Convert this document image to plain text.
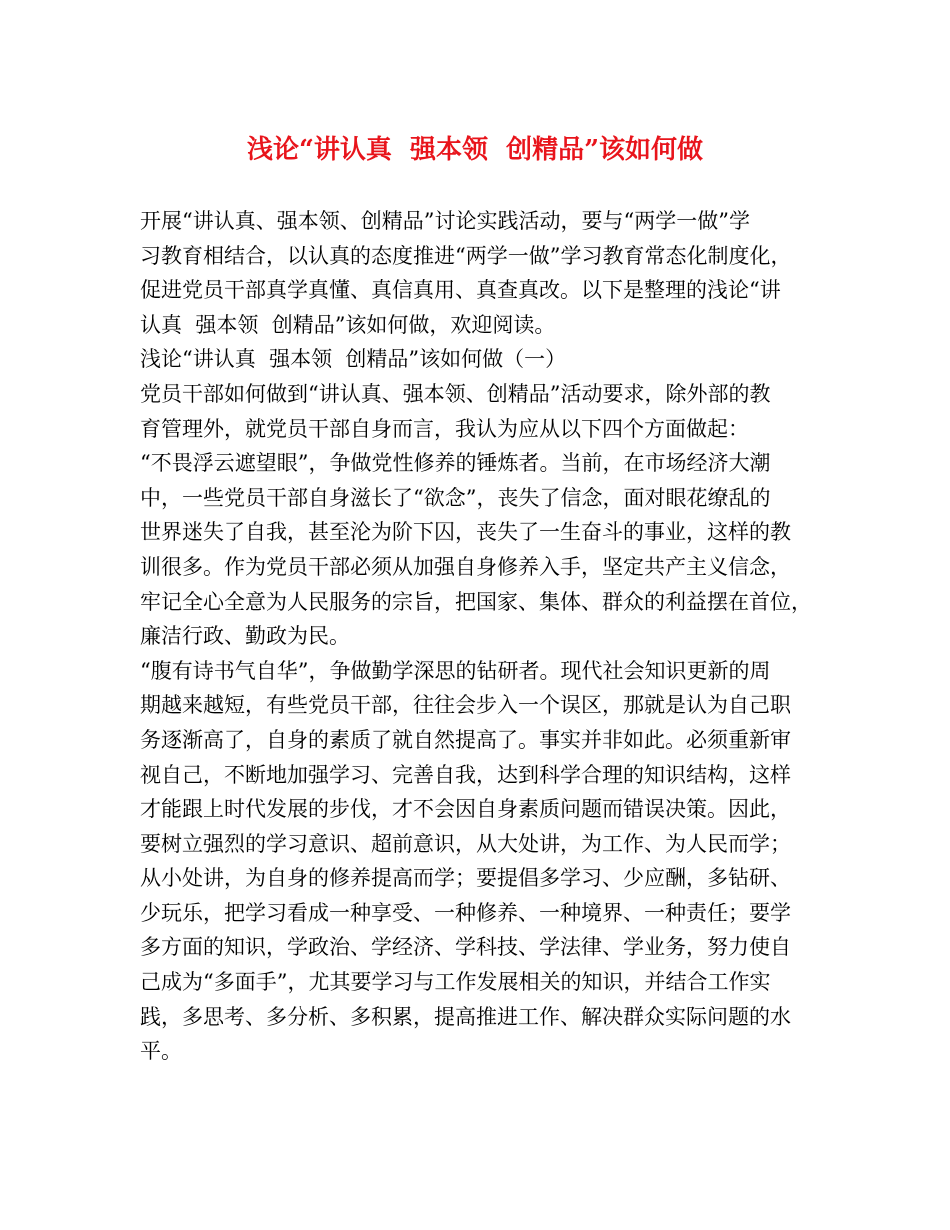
浅论“讲认真  强本领  创精品”该如何做
开展“讲认真、强本领、创精品”讨论实践活动，要与“两学一做”学
习教育相结合，以认真的态度推进“两学一做”学习教育常态化制度化，
促进党员干部真学真懂、真信真用、真查真改。以下是整理的浅论“讲
认真  强本领  创精品”该如何做，欢迎阅读。
浅论“讲认真  强本领  创精品”该如何做（一）
党员干部如何做到“讲认真、强本领、创精品”活动要求，除外部的教
育管理外，就党员干部自身而言，我认为应从以下四个方面做起：
“不畏浮云遮望眼”，争做党性修养的锤炼者。当前，在市场经济大潮
中，一些党员干部自身滋长了“欲念”，丧失了信念，面对眼花缭乱的
世界迷失了自我，甚至沦为阶下囚，丧失了一生奋斗的事业，这样的教
训很多。作为党员干部必须从加强自身修养入手，坚定共产主义信念，
牢记全心全意为人民服务的宗旨，把国家、集体、群众的利益摆在首位，
廉洁行政、勤政为民。
“腹有诗书气自华”，争做勤学深思的钻研者。现代社会知识更新的周
期越来越短，有些党员干部，往往会步入一个误区，那就是认为自己职
务逐渐高了，自身的素质了就自然提高了。事实并非如此。必须重新审
视自己，不断地加强学习、完善自我，达到科学合理的知识结构，这样
才能跟上时代发展的步伐，才不会因自身素质问题而错误决策。因此，
要树立强烈的学习意识、超前意识，从大处讲，为工作、为人民而学；
从小处讲，为自身的修养提高而学；要提倡多学习、少应酬，多钻研、
少玩乐，把学习看成一种享受、一种修养、一种境界、一种责任；要学
多方面的知识，学政治、学经济、学科技、学法律、学业务，努力使自
己成为“多面手”，尤其要学习与工作发展相关的知识，并结合工作实
践，多思考、多分析、多积累，提高推进工作、解决群众实际问题的水
平。
